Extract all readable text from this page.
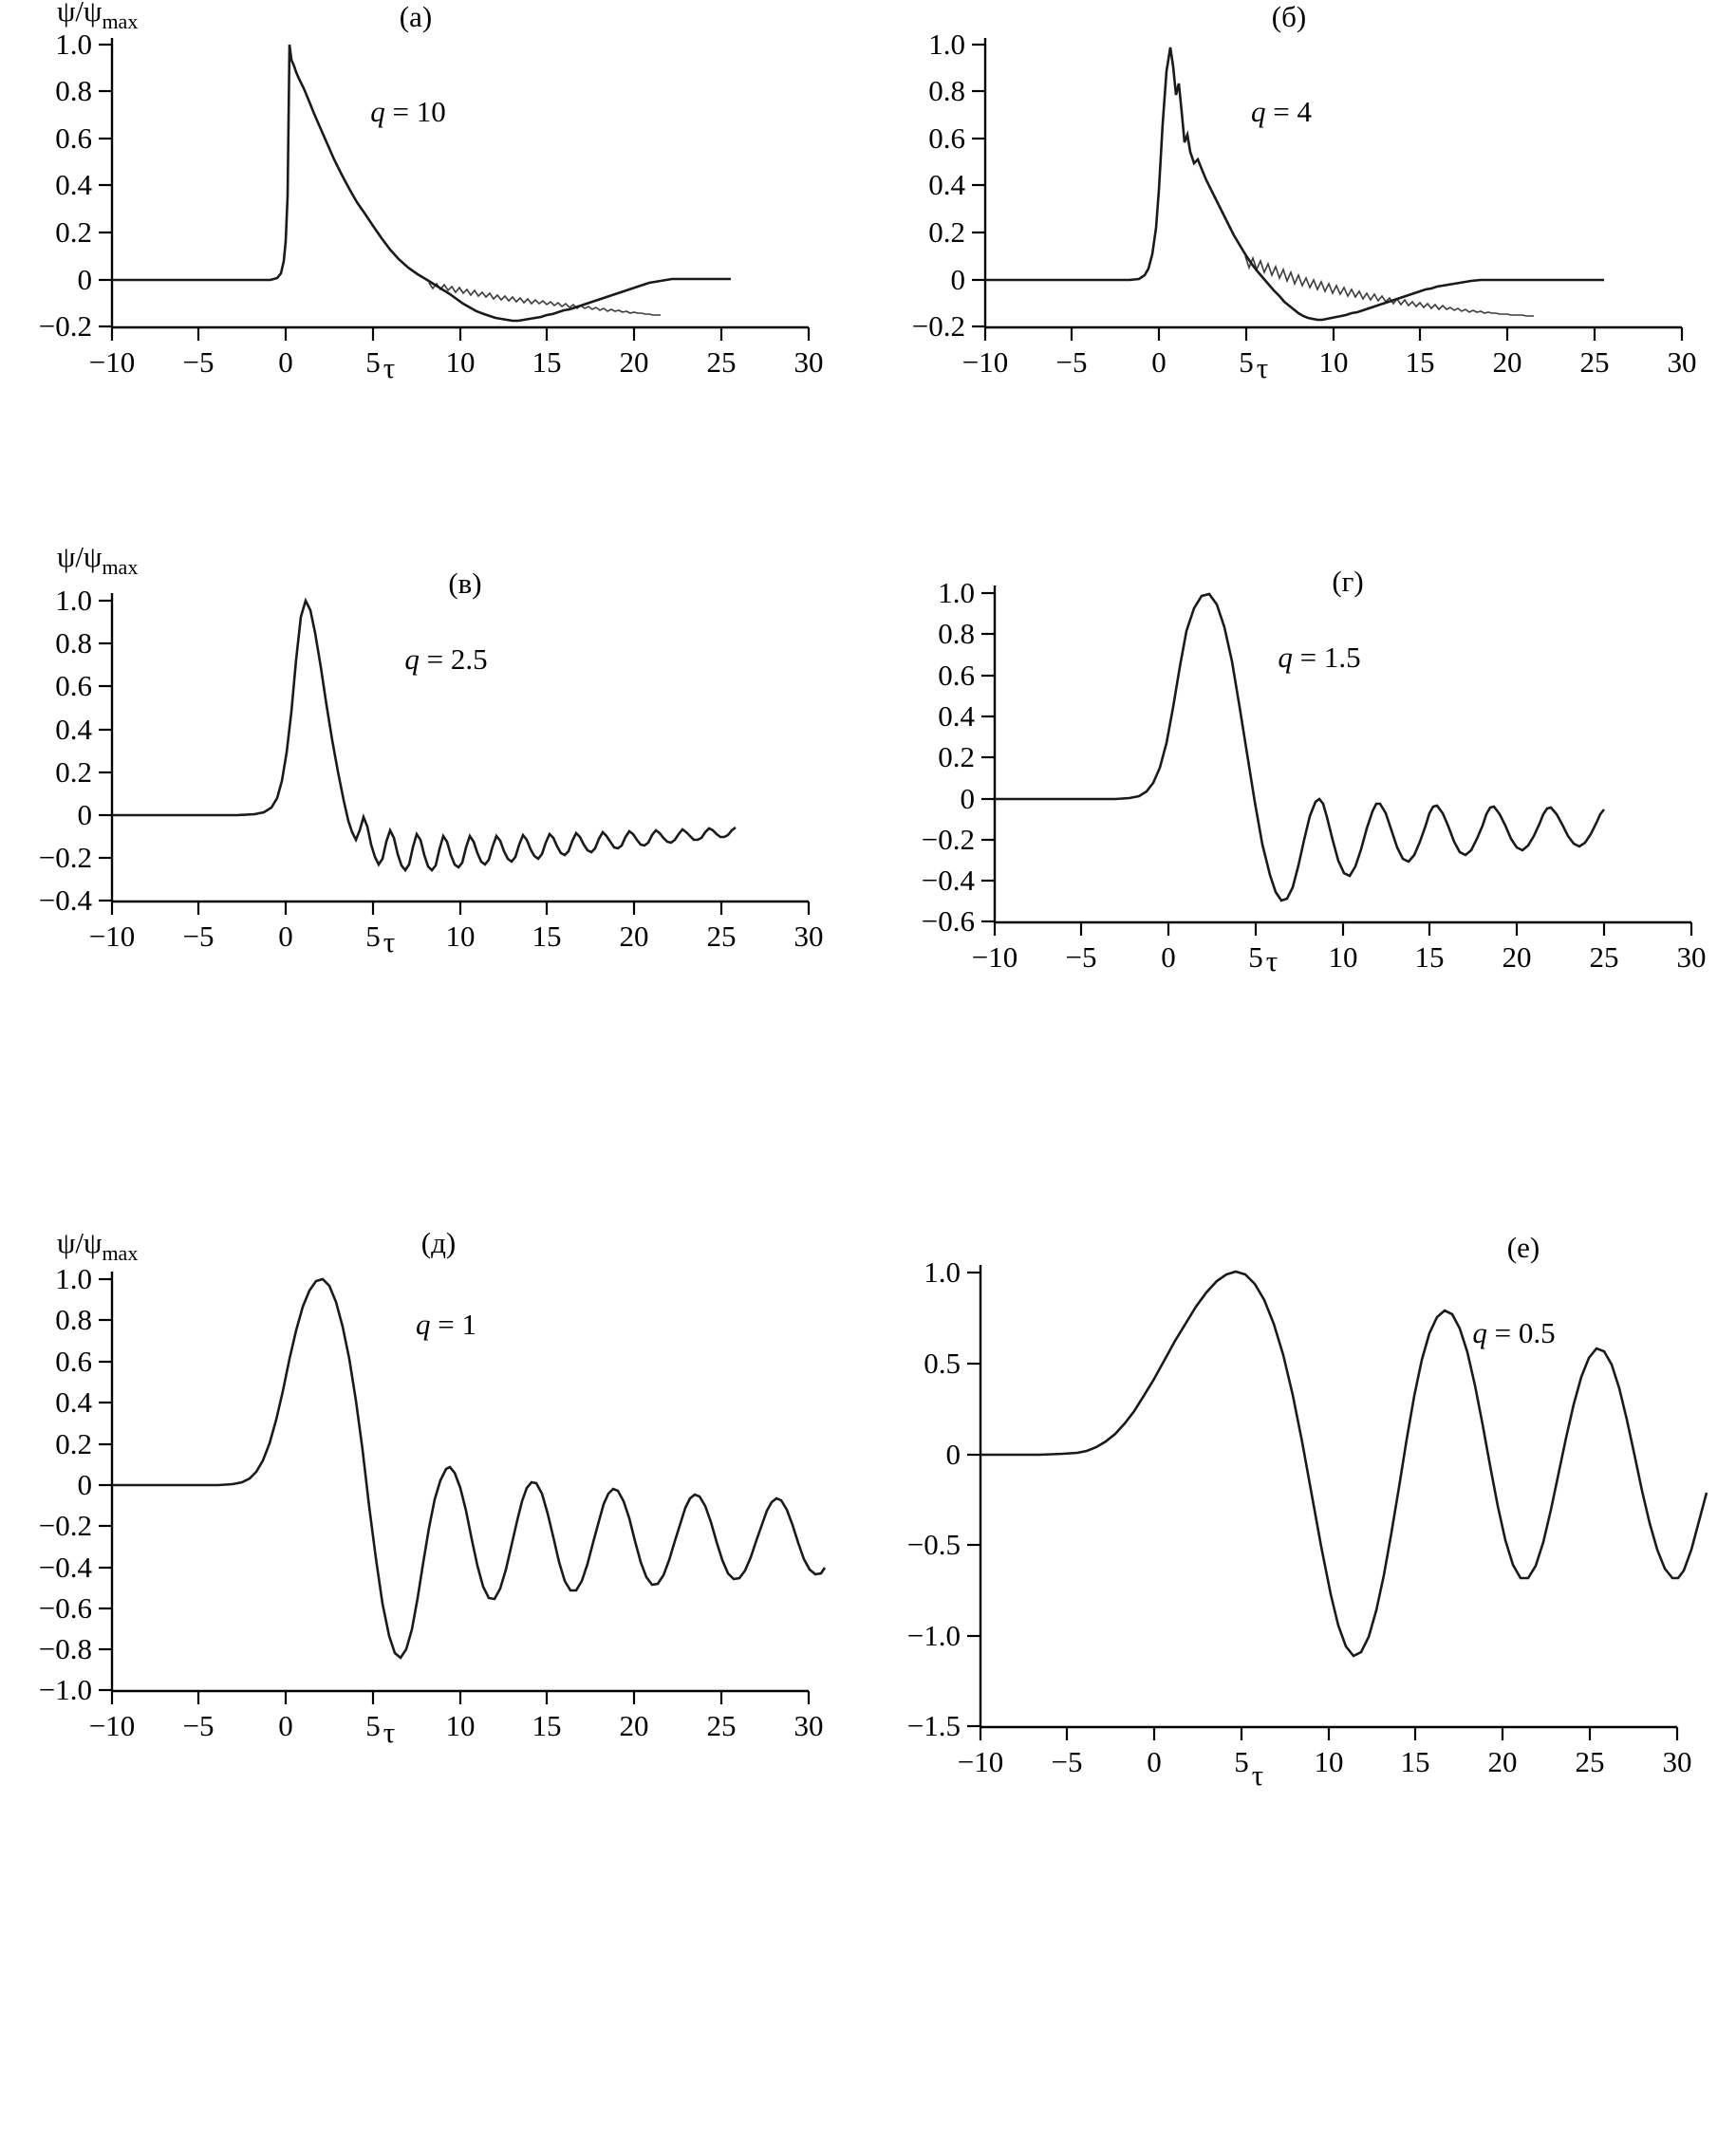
$\psi/\psi_{max}$	(а)
q = 10
1.0
0.8
0.6
0.4
0.2
0
−0.2
−10 −5 0 5 10 15 20 25 30
τ
(б)
q = 4
1.0
0.8
0.6
0.4
0.2
0
−0.2
−10 −5 0 5 10 15 20 25 30
τ
$\psi/\psi_{max}$	(в)
q = 2.5
1.0
0.8
0.6
0.4
0.2
0
−0.2
−0.4
−10 −5 0 5 10 15 20 25 30
τ
(г)
q = 1.5
1.0
0.8
0.6
0.4
0.2
0
−0.2
−0.4
−0.6
−10 −5 0 5 10 15 20 25 30
τ
$\psi/\psi_{max}$	(д)
q = 1
1.0
0.8
0.6
0.4
0.2
0
−0.2
−0.4
−0.6
−0.8
−1.0
−10 −5 0 5 10 15 20 25 30
τ
(е)
q = 0.5
1.0
0.5
0
−0.5
−1.0
−1.5
−10 −5 0 5 10 15 20 25 30
τ
